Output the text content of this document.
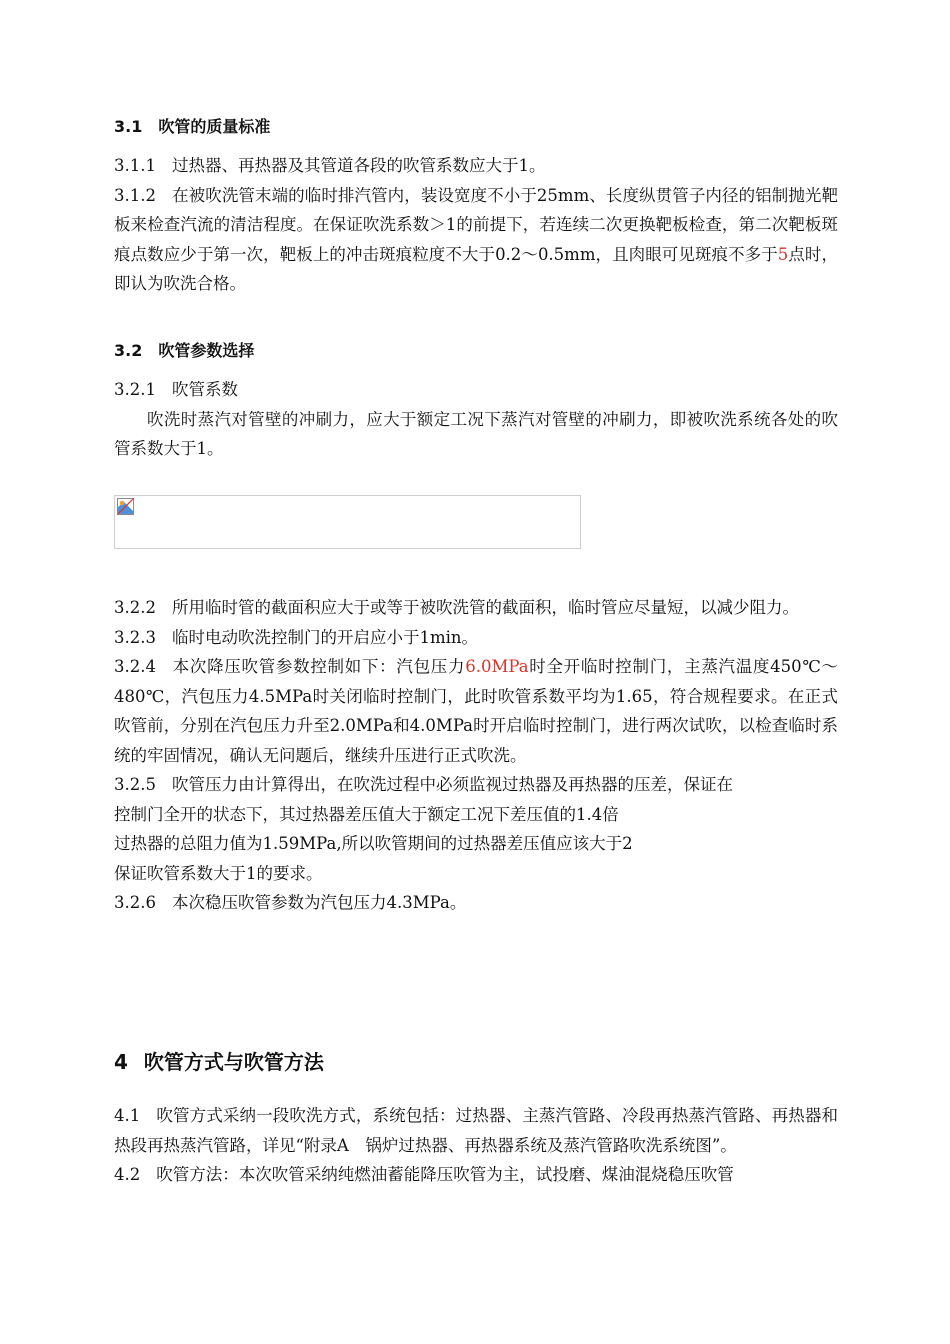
3.1 吹管的质量标准

3.1.1 过热器、再热器及其管道各段的吹管系数应大于1。

3.1.2 在被吹洗管末端的临时排汽管内，装设宽度不小于25mm、长度纵贯管子内径的铝制抛光靶板来检查汽流的清洁程度。在保证吹洗系数＞1的前提下，若连续二次更换靶板检查，第二次靶板斑痕点数应少于第一次，靶板上的冲击斑痕粒度不大于0.2～0.5mm，且肉眼可见斑痕不多于5点时，即认为吹洗合格。

3.2 吹管参数选择

3.2.1 吹管系数

吹洗时蒸汽对管壁的冲刷力，应大于额定工况下蒸汽对管壁的冲刷力，即被吹洗系统各处的吹管系数大于1。

3.2.2 所用临时管的截面积应大于或等于被吹洗管的截面积，临时管应尽量短，以减少阻力。

3.2.3 临时电动吹洗控制门的开启应小于1min。

3.2.4 本次降压吹管参数控制如下：汽包压力6.0MPa时全开临时控制门，主蒸汽温度450℃～480℃，汽包压力4.5MPa时关闭临时控制门，此时吹管系数平均为1.65，符合规程要求。在正式吹管前，分别在汽包压力升至2.0MPa和4.0MPa时开启临时控制门，进行两次试吹，以检查临时系统的牢固情况，确认无问题后，继续升压进行正式吹洗。

3.2.5 吹管压力由计算得出，在吹洗过程中必须监视过热器及再热器的压差，保证在

控制门全开的状态下，其过热器差压值大于额定工况下差压值的1.4倍

过热器的总阻力值为1.59MPa,所以吹管期间的过热器差压值应该大于2

保证吹管系数大于1的要求。

3.2.6 本次稳压吹管参数为汽包压力4.3MPa。

4 吹管方式与吹管方法

4.1 吹管方式采纳一段吹洗方式，系统包括：过热器、主蒸汽管路、冷段再热蒸汽管路、再热器和热段再热蒸汽管路，详见“附录A　锅炉过热器、再热器系统及蒸汽管路吹洗系统图”。

4.2 吹管方法：本次吹管采纳纯燃油蓄能降压吹管为主，试投磨、煤油混烧稳压吹管
